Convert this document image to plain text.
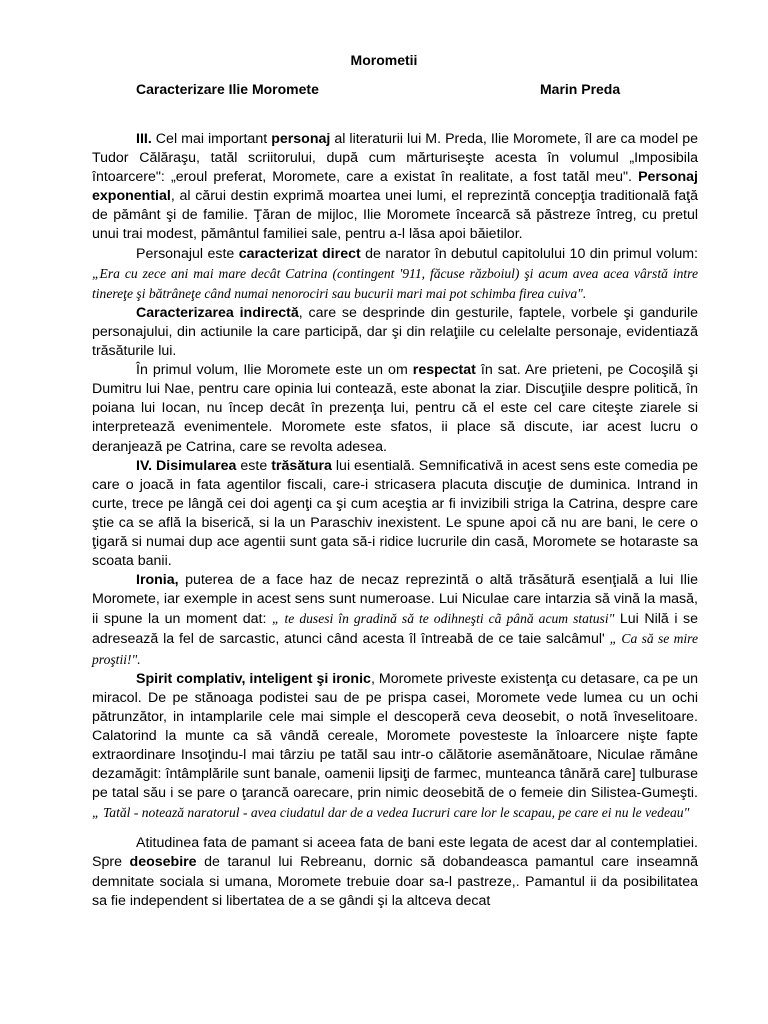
Morometii
Caracterizare Ilie Moromete	Marin Preda

III. Cel mai important personaj al literaturii lui M. Preda, Ilie Moromete, îl are ca model pe Tudor Călăraşu, tatăl scriitorului, după cum mărturiseşte acesta în volumul „Imposibila întoarcere": „eroul preferat, Moromete, care a existat în realitate, a fost tatăl meu". Personaj exponential, al cărui destin exprimă moartea unei lumi, el reprezintă concepţia traditională faţă de pământ şi de familie. Ţăran de mijloc, Ilie Moromete încearcă să păstreze întreg, cu pretul unui trai modest, pământul familiei sale, pentru a-l lăsa apoi băietilor.

Personajul este caracterizat direct de narator în debutul capitolului 10 din primul volum: „Era cu zece ani mai mare decât Catrina (contingent '911, făcuse războiul) şi acum avea acea vârstă intre tinereţe şi bătrâneţe când numai nenorociri sau bucurii mari mai pot schimba firea cuiva".

Caracterizarea indirectă, care se desprinde din gesturile, faptele, vorbele şi gandurile personajului, din actiunile la care participă, dar şi din relaţiile cu celelalte personaje, evidentiază trăsăturile lui.

În primul volum, Ilie Moromete este un om respectat în sat. Are prieteni, pe Cocoşilă şi Dumitru lui Nae, pentru care opinia lui contează, este abonat la ziar. Discuţiile despre politică, în poiana lui Iocan, nu încep decât în prezenţa lui, pentru că el este cel care citeşte ziarele si interpretează evenimentele. Moromete este sfatos, ii place să discute, iar acest lucru o deranjează pe Catrina, care se revolta adesea.

IV. Disimularea este trăsătura lui esentială. Semnificativă in acest sens este comedia pe care o joacă in fata agentilor fiscali, care-i stricasera placuta discuţie de duminica. Intrand in curte, trece pe lângă cei doi agenţi ca şi cum aceştia ar fi invizibili striga la Catrina, despre care ştie ca se află la biserică, si la un Paraschiv inexistent. Le spune apoi că nu are bani, le cere o ţigară si numai dup ace agentii sunt gata să-i ridice lucrurile din casă, Moromete se hotaraste sa scoata banii.

Ironia, puterea de a face haz de necaz reprezintă o altă trăsătură esenţială a lui Ilie Moromete, iar exemple in acest sens sunt numeroase. Lui Niculae care intarzia să vină la masă, ii spune la un moment dat: „ te dusesi în gradină să te odihneşti cã până acum statusi" Lui Nilă i se adresează la fel de sarcastic, atunci când acesta îl întreabă de ce taie salcâmul' „ Ca să se mire proştii!".

Spirit complativ, inteligent şi ironic, Moromete priveste existenţa cu detasare, ca pe un miracol. De pe stănoaga podistei sau de pe prispa casei, Moromete vede lumea cu un ochi pătrunzător, in intamplarile cele mai simple el descoperă ceva deosebit, o notă înveselitoare. Calatorind la munte ca să vândă cereale, Moromete povesteste la înloarcere nişte fapte extraordinare Insoţindu-l mai târziu pe tatăl sau intr-o călătorie asemănătoare, Niculae rămâne dezamăgit: întâmplările sunt banale, oamenii lipsiţi de farmec, munteanca tânără care] tulburase pe tatal său i se pare o ţarancă oarecare, prin nimic deosebită de o femeie din Silistea-Gumeşti. „ Tatăl - notează naratorul - avea ciudatul dar de a vedea Iucruri care lor le scapau, pe care ei nu le vedeau"

Atitudinea fata de pamant si aceea fata de bani este legata de acest dar al contemplatiei. Spre deosebire de taranul lui Rebreanu, dornic să dobandeasca pamantul care inseamnă demnitate sociala si umana, Moromete trebuie doar sa-l pastreze,. Pamantul ii da posibilitatea sa fie independent si libertatea de a se gândi şi la altceva decat
